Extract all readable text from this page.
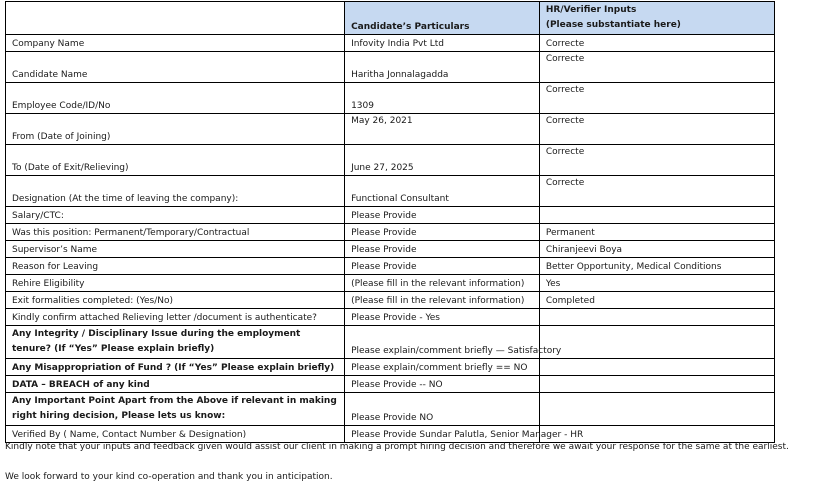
	Candidate’s Particulars	HR/Verifier Inputs
(Please substantiate here)

Company Name	Infovity India Pvt Ltd	Correcte
Candidate Name	Haritha Jonnalagadda	Correcte
Employee Code/ID/No	1309	Correcte
From (Date of Joining)	May 26, 2021	Correcte
To (Date of Exit/Relieving)	June 27, 2025	Correcte
Designation (At the time of leaving the company):	Functional Consultant	Correcte
Salary/CTC:	Please Provide	
Was this position: Permanent/Temporary/Contractual	Please Provide	Permanent
Supervisor’s Name	Please Provide	Chiranjeevi Boya
Reason for Leaving	Please Provide	Better Opportunity, Medical Conditions
Rehire Eligibility	(Please fill in the relevant information)	Yes
Exit formalities completed: (Yes/No)	(Please fill in the relevant information)	Completed
Kindly confirm attached Relieving letter /document is authenticate?	Please Provide - Yes	
Any Integrity / Disciplinary Issue during the employment tenure? (If “Yes” Please explain briefly)	Please explain/comment briefly — Satisfactory	
Any Misappropriation of Fund ? (If “Yes” Please explain briefly)	Please explain/comment briefly == NO	
DATA – BREACH of any kind	Please Provide -- NO	
Any Important Point Apart from the Above if relevant in making right hiring decision, Please lets us know:	Please Provide NO	
Verified By ( Name, Contact Number & Designation)	Please Provide Sundar Palutla, Senior Manager - HR	
Kindly note that your inputs and feedback given would assist our client in making a prompt hiring decision and therefore we await your response for the same at the earliest.
We look forward to your kind co-operation and thank you in anticipation.
